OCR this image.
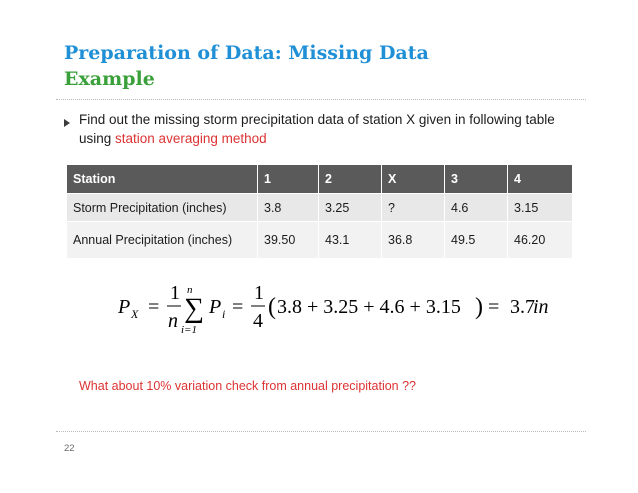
Preparation of Data: Missing Data
Example
Find out the missing storm precipitation data of station X given in following table using station averaging method
Station	1	2	X	3	4
Storm Precipitation (inches)	3.8	3.25	?	4.6	3.15
Annual Precipitation (inches)	39.50	43.1	36.8	49.5	46.20
P X =
1
n
n
∑
i=1
P i =
1
4
( 3.8 + 3.25 + 4.6 + 3.15 ) = 3.7
in
What about 10% variation check from annual precipitation ??
22
